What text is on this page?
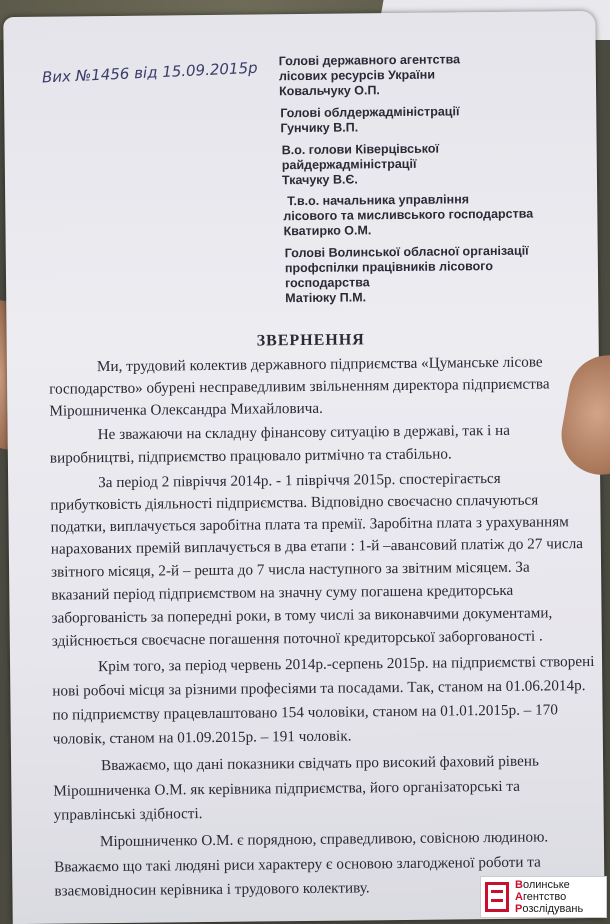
Вих №1456 від 15.09.2015р Голові державного агентства
лісових ресурсів України
Ковальчуку О.П.
Голові облдержадміністрації
Гунчику В.П.
В.о. голови Ківерцівської
райдержадміністрації
Ткачуку В.Є.
Т.в.о. начальника управління
лісового та мисливського господарства
Кватирко О.М.
Голові Волинської обласної організації
профспілки працівників лісового
господарства
Матіюку П.М.
ЗВЕРНЕННЯ
Ми, трудовий колектив державного підприємства «Цуманське лісове
господарство» обурені несправедливим звільненням директора підприємства
Мірошниченка Олександра Михайловича.
Не зважаючи на складну фінансову ситуацію в державі, так і на
виробництві, підприємство працювало ритмічно та стабільно.
За період 2 півріччя 2014р. - 1 півріччя 2015р. спостерігається
прибутковість діяльності підприємства. Відповідно своєчасно сплачуються
податки, виплачується заробітна плата та премії. Заробітна плата з урахуванням
нарахованих премій виплачується в два етапи : 1-й –авансовий платіж до 27 числа
звітного місяця, 2-й – решта до 7 числа наступного за звітним місяцем. За
вказаний період підприємством на значну суму погашена кредиторська
заборгованість за попередні роки, в тому числі за виконавчими документами,
здійснюється своєчасне погашення поточної кредиторської заборгованості .
Крім того, за період червень 2014р.-серпень 2015р. на підприємстві створені
нові робочі місця за різними професіями та посадами. Так, станом на 01.06.2014р.
по підприємству працевлаштовано 154 чоловіки, станом на 01.01.2015р. – 170
чоловік, станом на 01.09.2015р. – 191 чоловік.
Вважаємо, що дані показники свідчать про високий фаховий рівень
Мірошниченка О.М. як керівника підприємства, його організаторські та
управлінські здібності.
Мірошниченко О.М. є порядною, справедливою, совісною людиною.
Вважаємо що такі людяні риси характеру є основою злагодженої роботи та
взаємовідносин керівника і трудового колективу.	Волинське
Агентство
Розслідувань
